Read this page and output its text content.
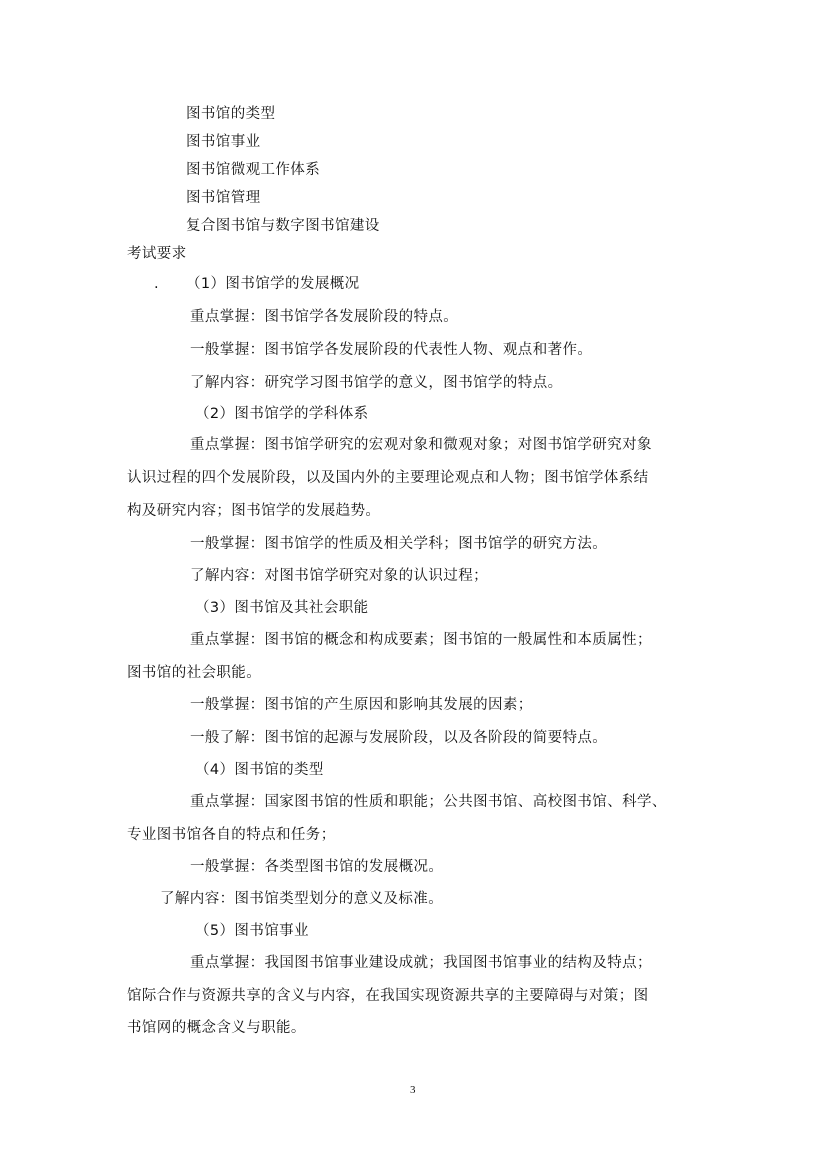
图书馆的类型
图书馆事业
图书馆微观工作体系
图书馆管理
复合图书馆与数字图书馆建设
考试要求
. （1）图书馆学的发展概况
重点掌握：图书馆学各发展阶段的特点。
一般掌握：图书馆学各发展阶段的代表性人物、观点和著作。
了解内容：研究学习图书馆学的意义，图书馆学的特点。
（2）图书馆学的学科体系
重点掌握：图书馆学研究的宏观对象和微观对象；对图书馆学研究对象
认识过程的四个发展阶段，以及国内外的主要理论观点和人物；图书馆学体系结
构及研究内容；图书馆学的发展趋势。
一般掌握：图书馆学的性质及相关学科；图书馆学的研究方法。
了解内容：对图书馆学研究对象的认识过程；
（3）图书馆及其社会职能
重点掌握：图书馆的概念和构成要素；图书馆的一般属性和本质属性；
图书馆的社会职能。
一般掌握：图书馆的产生原因和影响其发展的因素；
一般了解：图书馆的起源与发展阶段，以及各阶段的简要特点。
（4）图书馆的类型
重点掌握：国家图书馆的性质和职能；公共图书馆、高校图书馆、科学、
专业图书馆各自的特点和任务；
一般掌握：各类型图书馆的发展概况。
了解内容：图书馆类型划分的意义及标准。
（5）图书馆事业
重点掌握：我国图书馆事业建设成就；我国图书馆事业的结构及特点；
馆际合作与资源共享的含义与内容，在我国实现资源共享的主要障碍与对策；图
书馆网的概念含义与职能。
3
